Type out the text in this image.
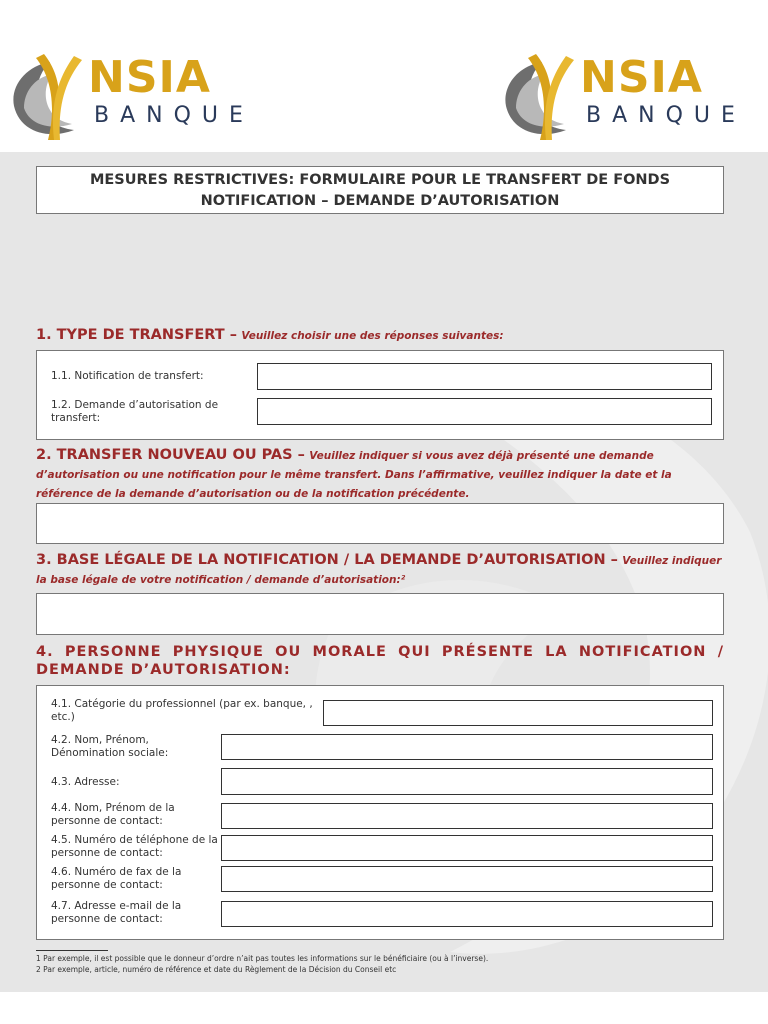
NSIA
BANQUE
NSIA
BANQUE
MESURES RESTRICTIVES: FORMULAIRE POUR LE TRANSFERT DE FONDS
NOTIFICATION – DEMANDE D’AUTORISATION
1. TYPE DE TRANSFERT – Veuillez choisir une des réponses suivantes:
1.1. Notification de transfert:
1.2. Demande d’autorisation de transfert:
2. TRANSFER NOUVEAU OU PAS – Veuillez indiquer si vous avez déjà présenté une demande d’autorisation ou une notification pour le même transfert. Dans l’affirmative, veuillez indiquer la date et la référence de la demande d’autorisation ou de la notification précédente.
3. BASE LÉGALE DE LA NOTIFICATION / LA DEMANDE D’AUTORISATION – Veuillez indiquer la base légale de votre notification / demande d’autorisation:²
4. PERSONNE PHYSIQUE OU MORALE QUI PRÉSENTE LA NOTIFICATION / DEMANDE D’AUTORISATION:
4.1. Catégorie du professionnel (par ex. banque, , etc.)
4.2. Nom, Prénom, Dénomination sociale:
4.3. Adresse:
4.4. Nom, Prénom de la personne de contact:
4.5. Numéro de téléphone de la personne de contact:
4.6. Numéro de fax de la personne de contact:
4.7. Adresse e-mail de la personne de contact:
1 Par exemple, il est possible que le donneur d’ordre n’ait pas toutes les informations sur le bénéficiaire (ou à l’inverse).
2 Par exemple, article, numéro de référence et date du Règlement de la Décision du Conseil etc
